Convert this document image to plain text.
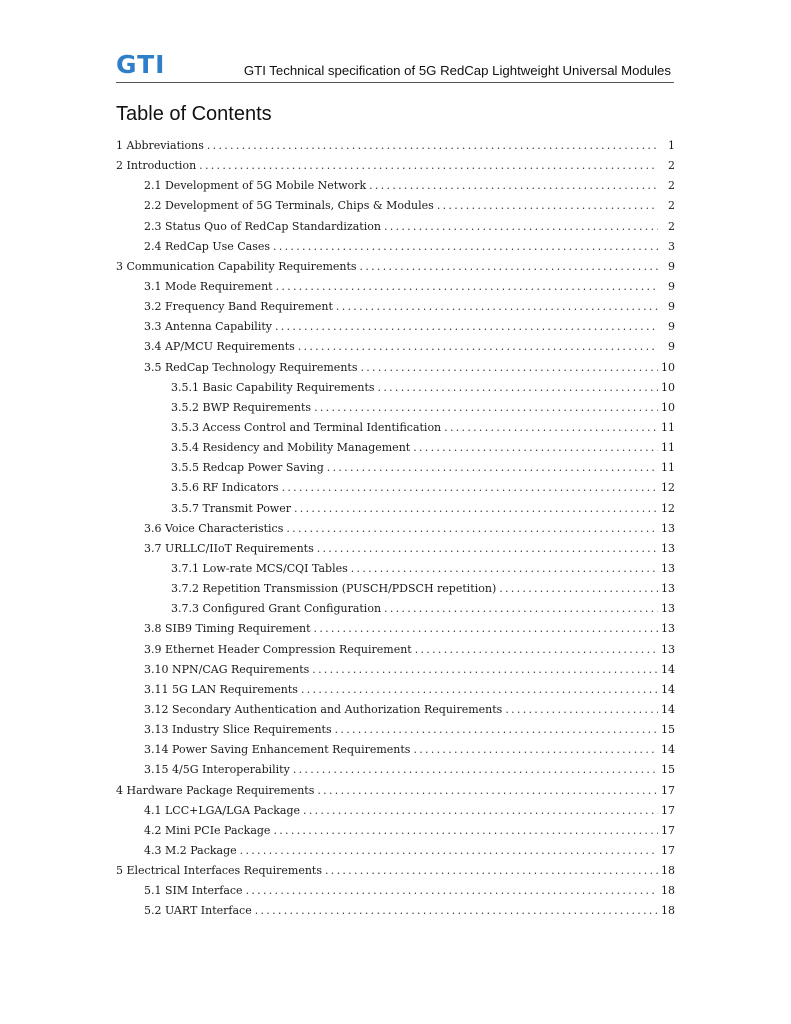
GTI	GTI Technical specification of 5G RedCap Lightweight Universal Modules
Table of Contents
1 Abbreviations .....	1
2 Introduction .....	2
2.1 Development of 5G Mobile Network .....	2
2.2 Development of 5G Terminals, Chips & Modules .....	2
2.3 Status Quo of RedCap Standardization .....	2
2.4 RedCap Use Cases .....	3
3 Communication Capability Requirements .....	9
3.1 Mode Requirement .....	9
3.2 Frequency Band Requirement .....	9
3.3 Antenna Capability .....	9
3.4 AP/MCU Requirements .....	9
3.5 RedCap Technology Requirements .....	10
3.5.1 Basic Capability Requirements .....	10
3.5.2 BWP Requirements .....	10
3.5.3 Access Control and Terminal Identification .....	11
3.5.4 Residency and Mobility Management .....	11
3.5.5 Redcap Power Saving .....	11
3.5.6 RF Indicators .....	12
3.5.7 Transmit Power .....	12
3.6 Voice Characteristics .....	13
3.7 URLLC/IIoT Requirements .....	13
3.7.1 Low-rate MCS/CQI Tables .....	13
3.7.2 Repetition Transmission (PUSCH/PDSCH repetition) .....	13
3.7.3 Configured Grant Configuration .....	13
3.8 SIB9 Timing Requirement .....	13
3.9 Ethernet Header Compression Requirement .....	13
3.10 NPN/CAG Requirements .....	14
3.11 5G LAN Requirements .....	14
3.12 Secondary Authentication and Authorization Requirements .....	14
3.13 Industry Slice Requirements .....	15
3.14 Power Saving Enhancement Requirements .....	14
3.15 4/5G Interoperability .....	15
4 Hardware Package Requirements .....	17
4.1 LCC+LGA/LGA Package .....	17
4.2 Mini PCIe Package .....	17
4.3 M.2 Package .....	17
5 Electrical Interfaces Requirements .....	18
5.1 SIM Interface .....	18
5.2 UART Interface .....	18
